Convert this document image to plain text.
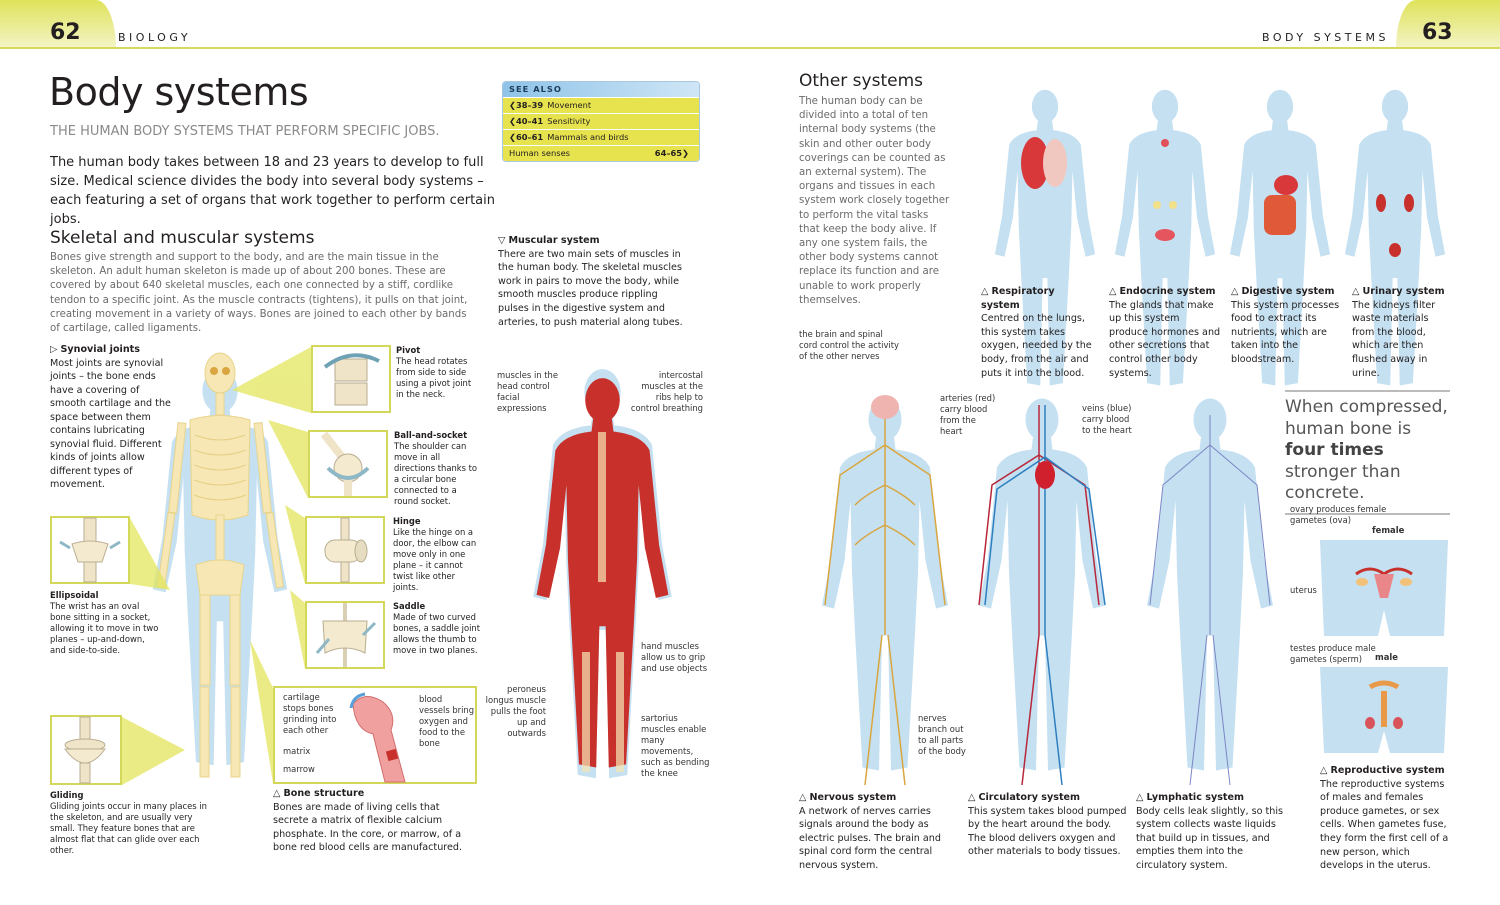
62	BIOLOGY	BODY SYSTEMS 63
Body systems
THE HUMAN BODY SYSTEMS THAT PERFORM SPECIFIC JOBS.
The human body takes between 18 and 23 years to develop to full size. Medical science divides the body into several body systems – each featuring a set of organs that work together to perform certain jobs.
SEE ALSO
❮38–39 Movement
❮40–41 Sensitivity
❮60–61 Mammals and birds
Human senses	64–65❯
Skeletal and muscular systems
Bones give strength and support to the body, and are the main tissue in the skeleton. An adult human skeleton is made up of about 200 bones. These are covered by about 640 skeletal muscles, each one connected by a stiff, cordlike tendon to a specific joint. As the muscle contracts (tightens), it pulls on that joint, creating movement in a variety of ways. Bones are joined to each other by bands of cartilage, called ligaments.
▽ Muscular system
There are two main sets of muscles in the human body. The skeletal muscles work in pairs to move the body, while smooth muscles produce rippling pulses in the digestive system and arteries, to push material along tubes.
▷ Synovial joints
Most joints are synovial joints – the bone ends have a covering of smooth cartilage and the space between them contains lubricating synovial fluid. Different kinds of joints allow different types of movement.
Pivot
The head rotates from side to side using a pivot joint in the neck.
Ball-and-socket
The shoulder can move in all directions thanks to a circular bone connected to a round socket.
Hinge
Like the hinge on a door, the elbow can move only in one plane – it cannot twist like other joints.
Saddle
Made of two curved bones, a saddle joint allows the thumb to move in two planes.
Ellipsoidal
The wrist has an oval bone sitting in a socket, allowing it to move in two planes – up-and-down, and side-to-side.
Gliding
Gliding joints occur in many places in the skeleton, and are usually very small. They feature bones that are almost flat that can glide over each other.
cartilage stops bones grinding into each other
blood vessels bring oxygen and food to the bone
matrix
marrow
△ Bone structure
Bones are made of living cells that secrete a matrix of flexible calcium phosphate. In the core, or marrow, of a bone red blood cells are manufactured.
muscles in the head control facial expressions
intercostal muscles at the ribs help to control breathing
hand muscles allow us to grip and use objects
peroneus longus muscle pulls the foot up and outwards
sartorius muscles enable many movements, such as bending the knee
Other systems
The human body can be divided into a total of ten internal body systems (the skin and other outer body coverings can be counted as an external system). The organs and tissues in each system work closely together to perform the vital tasks that keep the body alive. If any one system fails, the other body systems cannot replace its function and are unable to work properly themselves.
△ Respiratory system
Centred on the lungs, this system takes oxygen, needed by the body, from the air and puts it into the blood.
△ Endocrine system
The glands that make up this system produce hormones and other secretions that control other body systems.
△ Digestive system
This system processes food to extract its nutrients, which are taken into the bloodstream.
△ Urinary system
The kidneys filter waste materials from the blood, which are then flushed away in urine.
the brain and spinal cord control the activity of the other nerves
nerves branch out to all parts of the body
arteries (red) carry blood from the heart
veins (blue) carry blood to the heart
△ Nervous system
A network of nerves carries signals around the body as electric pulses. The brain and spinal cord form the central nervous system.
△ Circulatory system
This system takes blood pumped by the heart around the body. The blood delivers oxygen and other materials to body tissues.
△ Lymphatic system
Body cells leak slightly, so this system collects waste liquids that build up in tissues, and empties them into the circulatory system.
When compressed, human bone is four times stronger than concrete.
ovary produces female gametes (ova)
female
uterus
testes produce male gametes (sperm)	male
△ Reproductive system
The reproductive systems of males and females produce gametes, or sex cells. When gametes fuse, they form the first cell of a new person, which develops in the uterus.
